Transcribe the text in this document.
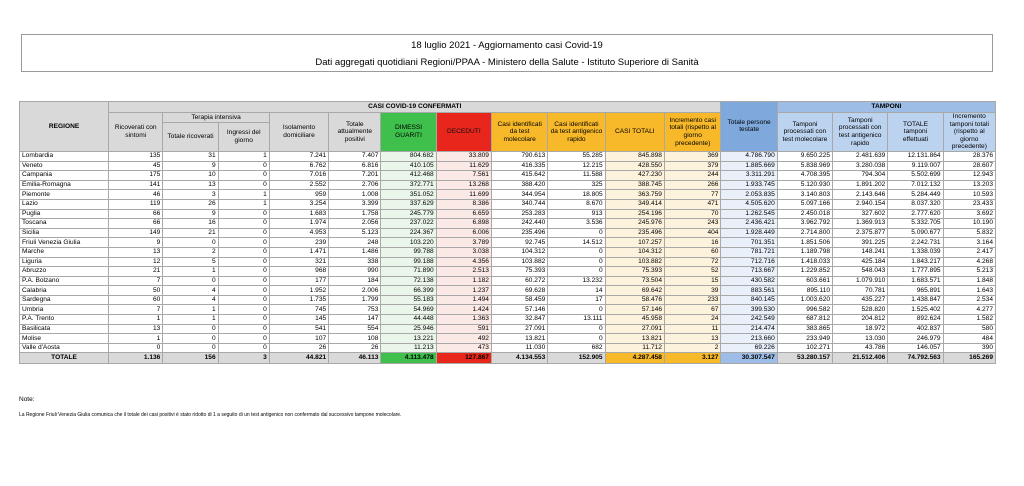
18 luglio 2021 - Aggiornamento casi Covid-19
Dati aggregati quotidiani Regioni/PPAA - Ministero della Salute - Istituto Superiore di Sanità
REGIONE	CASI COVID-19 CONFERMATI											Totale persone testate	TAMPONI			
	Ricoverati con sintomi	Terapia intensiva		Isolamento domiciliare	Totale attualmente positivi	DIMESSI GUARITI	DECEDUTI	Casi identificati da test molecolare	Casi identificati da test antigenico rapido	CASI TOTALI	Incremento casi totali (rispetto al giorno precedente)		Tamponi processati con test molecolare	Tamponi processati con test antigenico rapido	TOTALE tamponi effettuati	Incremento tamponi totali (rispetto al giorno precedente)
		Totale ricoverati	Ingressi del giorno													
Lombardia	135	31	1	7.241	7.407	804.682	33.809	790.613	55.285	845.898	369	4.786.790	9.650.225	2.481.639	12.131.864	28.376
Veneto	45	9	0	6.762	6.816	410.105	11.629	416.335	12.215	428.550	379	1.885.669	5.838.969	3.280.038	9.119.007	28.607
Campania	175	10	0	7.016	7.201	412.468	7.561	415.642	11.588	427.230	244	3.311.291	4.708.395	794.304	5.502.699	12.943
Emilia-Romagna	141	13	0	2.552	2.706	372.771	13.268	388.420	325	388.745	266	1.933.745	5.120.930	1.891.202	7.012.132	13.203
Piemonte	46	3	1	959	1.008	351.052	11.699	344.954	18.805	363.759	77	2.053.835	3.140.803	2.143.646	5.284.449	10.593
Lazio	119	26	1	3.254	3.399	337.629	8.386	340.744	8.670	349.414	471	4.505.620	5.097.166	2.940.154	8.037.320	23.433
Puglia	66	9	0	1.683	1.758	245.779	6.659	253.283	913	254.196	70	1.262.545	2.450.018	327.602	2.777.620	3.692
Toscana	66	16	0	1.974	2.056	237.022	6.898	242.440	3.536	245.976	243	2.436.421	3.962.792	1.369.913	5.332.705	10.190
Sicilia	149	21	0	4.953	5.123	224.367	6.006	235.496	0	235.496	404	1.928.449	2.714.800	2.375.877	5.090.677	5.832
Friuli Venezia Giulia	9	0	0	239	248	103.220	3.789	92.745	14.512	107.257	16	701.351	1.851.506	391.225	2.242.731	3.164
Marche	13	2	0	1.471	1.486	99.788	3.038	104.312	0	104.312	60	781.721	1.189.798	148.241	1.338.039	2.417
Liguria	12	5	0	321	338	99.188	4.356	103.882	0	103.882	72	712.716	1.418.033	425.184	1.843.217	4.268
Abruzzo	21	1	0	968	990	71.890	2.513	75.393	0	75.393	52	713.667	1.229.852	548.043	1.777.895	5.213
P.A. Bolzano	7	0	0	177	184	72.138	1.182	60.272	13.232	73.504	15	430.582	603.661	1.079.910	1.683.571	1.848
Calabria	50	4	0	1.952	2.006	66.399	1.237	69.628	14	69.642	39	883.561	895.110	70.781	965.891	1.643
Sardegna	60	4	0	1.735	1.799	55.183	1.494	58.459	17	58.476	233	840.145	1.003.620	435.227	1.438.847	2.534
Umbria	7	1	0	745	753	54.969	1.424	57.146	0	57.146	67	399.530	996.582	528.820	1.525.402	4.277
P.A. Trento	1	1	0	145	147	44.448	1.363	32.847	13.111	45.958	24	242.549	687.812	204.812	892.624	1.582
Basilicata	13	0	0	541	554	25.946	591	27.091	0	27.091	11	214.474	383.865	18.972	402.837	580
Molise	1	0	0	107	108	13.221	492	13.821	0	13.821	13	213.660	233.949	13.030	246.979	484
Valle d'Aosta	0	0	0	26	26	11.213	473	11.030	682	11.712	2	69.226	102.271	43.786	146.057	390
TOTALE	1.136	156	3	44.821	46.113	4.113.478	127.867	4.134.553	152.905	4.287.458	3.127	30.307.547	53.280.157	21.512.406	74.792.563	165.269
Note:
La Regione Friuli Venezia Giulia comunica che il totale dei casi positivi è stato ridotto di 1 a seguito di un test antigenico non confermato dal successivo tampone molecolare.
